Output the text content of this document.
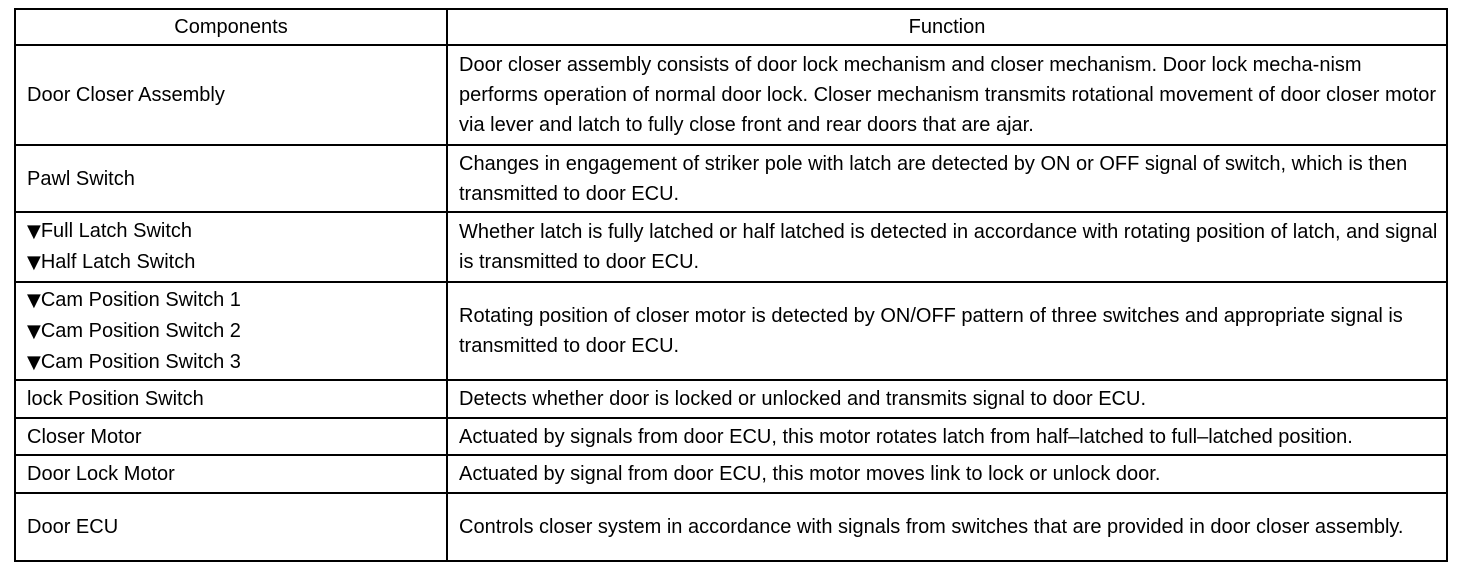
Components	Function

Door Closer Assembly	Door closer assembly consists of door lock mechanism and closer mechanism. Door lock mecha-nism performs operation of normal door lock. Closer mechanism transmits rotational movement of door closer motor via lever and latch to fully close front and rear doors that are ajar.

Pawl Switch	Changes in engagement of striker pole with latch are detected by ON or OFF signal of switch, which is then transmitted to door ECU.

▼Full Latch Switch
▼Half Latch Switch	Whether latch is fully latched or half latched is detected in accordance with rotating position of latch, and signal is transmitted to door ECU.

▼Cam Position Switch 1
▼Cam Position Switch 2
▼Cam Position Switch 3	Rotating position of closer motor is detected by ON/OFF pattern of three switches and appropriate signal is transmitted to door ECU.

lock Position Switch	Detects whether door is locked or unlocked and transmits signal to door ECU.

Closer Motor	Actuated by signals from door ECU, this motor rotates latch from half–latched to full–latched position.

Door Lock Motor	Actuated by signal from door ECU, this motor moves link to lock or unlock door.

Door ECU	Controls closer system in accordance with signals from switches that are provided in door closer assembly.
